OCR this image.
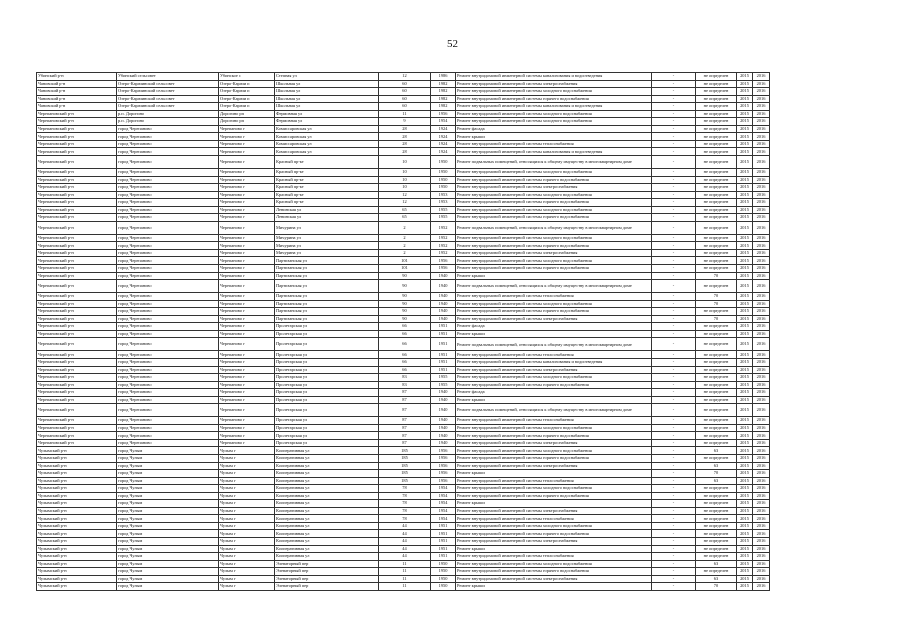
52
Убинский р-н	Убинский сельсовет	Убинское с	Степная ул	12	1986	Ремонт внутридомовой инженерной системы канализования и водоотведения	-	не определен	2015	2016
Чановский р-н	Озеро-Карачинский сельсовет	Озеро-Карачи п	Школьная ул	60	1982	Ремонт внутридомовой инженерной системы электроснабжения	-	не определен	2015	2016
Чановский р-н	Озеро-Карачинский сельсовет	Озеро-Карачи п	Школьная ул	60	1982	Ремонт внутридомовой инженерной системы холодного водоснабжения	-	не определен	2015	2016
Чановский р-н	Озеро-Карачинский сельсовет	Озеро-Карачи п	Школьная ул	60	1982	Ремонт внутридомовой инженерной системы горячего водоснабжения	-	не определен	2015	2016
Чановский р-н	Озеро-Карачинский сельсовет	Озеро-Карачи п	Школьная ул	60	1982	Ремонт внутридомовой инженерной системы канализования и водоотведения	-	не определен	2015	2016
Черепановский р-н	р.п. Дорогино	Дорогино рп	Фермовная ул	11	1956	Ремонт внутридомовой инженерной системы холодного водоснабжения	-	не определен	2015	2016
Черепановский р-н	р.п. Дорогино	Дорогино рп	Фермовная ул	9	1954	Ремонт внутридомовой инженерной системы холодного водоснабжения	-	не определен	2015	2016
Черепановский р-н	город Черепаново	Черепаново г	Комиссаровская ул	28	1924	Ремонт фасада	-	не определен	2015	2016
Черепановский р-н	город Черепаново	Черепаново г	Комиссаровская ул	28	1924	Ремонт крыши	-	не определен	2015	2016
Черепановский р-н	город Черепаново	Черепаново г	Комиссаровская ул	28	1924	Ремонт внутридомовой инженерной системы теплоснабжения	-	не определен	2015	2016
Черепановский р-н	город Черепаново	Черепаново г	Комиссаровская ул	28	1924	Ремонт внутридомовой инженерной системы канализования и водоотведения	-	не определен	2015	2016
Черепановский р-н	город Черепаново	Черепаново г	Красный пр-кт	10	1950	Ремонт подвальных помещений, относящихся к общему имуществу в многоквартирном доме	-	не определен	2015	2016
Черепановский р-н	город Черепаново	Черепаново г	Красный пр-кт	10	1950	Ремонт внутридомовой инженерной системы холодного водоснабжения	-	не определен	2015	2016
Черепановский р-н	город Черепаново	Черепаново г	Красный пр-кт	10	1950	Ремонт внутридомовой инженерной системы горячего водоснабжения	-	не определен	2015	2016
Черепановский р-н	город Черепаново	Черепаново г	Красный пр-кт	10	1950	Ремонт внутридомовой инженерной системы электроснабжения	-	не определен	2015	2016
Черепановский р-н	город Черепаново	Черепаново г	Красный пр-кт	12	1953	Ремонт внутридомовой инженерной системы холодного водоснабжения	-	не определен	2015	2016
Черепановский р-н	город Черепаново	Черепаново г	Красный пр-кт	12	1953	Ремонт внутридомовой инженерной системы горячего водоснабжения	-	не определен	2015	2016
Черепановский р-н	город Черепаново	Черепаново г	Ленинская ул	65	1955	Ремонт внутридомовой инженерной системы холодного водоснабжения	-	не определен	2015	2016
Черепановский р-н	город Черепаново	Черепаново г	Ленинская ул	65	1955	Ремонт внутридомовой инженерной системы горячего водоснабжения	-	не определен	2015	2016
Черепановский р-н	город Черепаново	Черепаново г	Мичурина ул	2	1952	Ремонт подвальных помещений, относящихся к общему имуществу в многоквартирном доме	-	не определен	2015	2016
Черепановский р-н	город Черепаново	Черепаново г	Мичурина ул	2	1952	Ремонт внутридомовой инженерной системы холодного водоснабжения	-	не определен	2015	2016
Черепановский р-н	город Черепаново	Черепаново г	Мичурина ул	2	1952	Ремонт внутридомовой инженерной системы горячего водоснабжения	-	не определен	2015	2016
Черепановский р-н	город Черепаново	Черепаново г	Мичурина ул	2	1952	Ремонт внутридомовой инженерной системы электроснабжения	-	не определен	2015	2016
Черепановский р-н	город Черепаново	Черепаново г	Партизанская ул	101	1956	Ремонт внутридомовой инженерной системы холодного водоснабжения	-	не определен	2015	2016
Черепановский р-н	город Черепаново	Черепаново г	Партизанская ул	101	1956	Ремонт внутридомовой инженерной системы горячего водоснабжения	-	не определен	2015	2016
Черепановский р-н	город Черепаново	Черепаново г	Партизанская ул	90	1940	Ремонт крыши	-	70	2015	2016
Черепановский р-н	город Черепаново	Черепаново г	Партизанская ул	90	1940	Ремонт подвальных помещений, относящихся к общему имуществу в многоквартирном доме	-	не определен	2015	2016
Черепановский р-н	город Черепаново	Черепаново г	Партизанская ул	90	1940	Ремонт внутридомовой инженерной системы теплоснабжения	-	70	2015	2016
Черепановский р-н	город Черепаново	Черепаново г	Партизанская ул	90	1940	Ремонт внутридомовой инженерной системы холодного водоснабжения	-	70	2015	2016
Черепановский р-н	город Черепаново	Черепаново г	Партизанская ул	90	1940	Ремонт внутридомовой инженерной системы горячего водоснабжения	-	не определен	2015	2016
Черепановский р-н	город Черепаново	Черепаново г	Партизанская ул	90	1940	Ремонт внутридомовой инженерной системы электроснабжения	-	70	2015	2016
Черепановский р-н	город Черепаново	Черепаново г	Пролетарская ул	66	1951	Ремонт фасада	-	не определен	2015	2016
Черепановский р-н	город Черепаново	Черепаново г	Пролетарская ул	66	1951	Ремонт крыши	-	не определен	2015	2016
Черепановский р-н	город Черепаново	Черепаново г	Пролетарская ул	66	1951	Ремонт подвальных помещений, относящихся к общему имуществу в многоквартирном доме	-	не определен	2015	2016
Черепановский р-н	город Черепаново	Черепаново г	Пролетарская ул	66	1951	Ремонт внутридомовой инженерной системы теплоснабжения	-	не определен	2015	2016
Черепановский р-н	город Черепаново	Черепаново г	Пролетарская ул	66	1951	Ремонт внутридомовой инженерной системы канализования и водоотведения	-	не определен	2015	2016
Черепановский р-н	город Черепаново	Черепаново г	Пролетарская ул	66	1951	Ремонт внутридомовой инженерной системы электроснабжения	-	не определен	2015	2016
Черепановский р-н	город Черепаново	Черепаново г	Пролетарская ул	83	1955	Ремонт внутридомовой инженерной системы холодного водоснабжения	-	не определен	2015	2016
Черепановский р-н	город Черепаново	Черепаново г	Пролетарская ул	83	1955	Ремонт внутридомовой инженерной системы горячего водоснабжения	-	не определен	2015	2016
Черепановский р-н	город Черепаново	Черепаново г	Пролетарская ул	87	1940	Ремонт фасада	-	не определен	2015	2016
Черепановский р-н	город Черепаново	Черепаново г	Пролетарская ул	87	1940	Ремонт крыши	-	не определен	2015	2016
Черепановский р-н	город Черепаново	Черепаново г	Пролетарская ул	87	1940	Ремонт подвальных помещений, относящихся к общему имуществу в многоквартирном доме	-	не определен	2015	2016
Черепановский р-н	город Черепаново	Черепаново г	Пролетарская ул	87	1940	Ремонт внутридомовой инженерной системы теплоснабжения	-	не определен	2015	2016
Черепановский р-н	город Черепаново	Черепаново г	Пролетарская ул	87	1940	Ремонт внутридомовой инженерной системы холодного водоснабжения	-	не определен	2015	2016
Черепановский р-н	город Черепаново	Черепаново г	Пролетарская ул	87	1940	Ремонт внутридомовой инженерной системы горячего водоснабжения	-	не определен	2015	2016
Черепановский р-н	город Черепаново	Черепаново г	Пролетарская ул	87	1940	Ремонт внутридомовой инженерной системы электроснабжения	-	не определен	2015	2016
Чулымский р-н	город Чулым	Чулым г	Кооперативная ул	185	1956	Ремонт внутридомовой инженерной системы холодного водоснабжения	-	63	2015	2016
Чулымский р-н	город Чулым	Чулым г	Кооперативная ул	185	1956	Ремонт внутридомовой инженерной системы горячего водоснабжения	-	не определен	2015	2016
Чулымский р-н	город Чулым	Чулым г	Кооперативная ул	185	1956	Ремонт внутридомовой инженерной системы электроснабжения	-	63	2015	2016
Чулымский р-н	город Чулым	Чулым г	Кооперативная ул	185	1956	Ремонт крыши	-	70	2015	2016
Чулымский р-н	город Чулым	Чулым г	Кооперативная ул	185	1956	Ремонт внутридомовой инженерной системы теплоснабжения	-	63	2015	2016
Чулымский р-н	город Чулым	Чулым г	Кооперативная ул	78	1954	Ремонт внутридомовой инженерной системы холодного водоснабжения	-	не определен	2015	2016
Чулымский р-н	город Чулым	Чулым г	Кооперативная ул	78	1954	Ремонт внутридомовой инженерной системы горячего водоснабжения	-	не определен	2015	2016
Чулымский р-н	город Чулым	Чулым г	Кооперативная ул	78	1954	Ремонт крыши	-	не определен	2015	2016
Чулымский р-н	город Чулым	Чулым г	Кооперативная ул	78	1954	Ремонт внутридомовой инженерной системы электроснабжения	-	не определен	2015	2016
Чулымский р-н	город Чулым	Чулым г	Кооперативная ул	78	1954	Ремонт внутридомовой инженерной системы теплоснабжения	-	не определен	2015	2016
Чулымский р-н	город Чулым	Чулым г	Кооперативная ул	44	1951	Ремонт внутридомовой инженерной системы холодного водоснабжения	-	не определен	2015	2016
Чулымский р-н	город Чулым	Чулым г	Кооперативная ул	44	1951	Ремонт внутридомовой инженерной системы горячего водоснабжения	-	не определен	2015	2016
Чулымский р-н	город Чулым	Чулым г	Кооперативная ул	44	1951	Ремонт внутридомовой инженерной системы электроснабжения	-	не определен	2015	2016
Чулымский р-н	город Чулым	Чулым г	Кооперативная ул	44	1951	Ремонт крыши	-	не определен	2015	2016
Чулымский р-н	город Чулым	Чулым г	Кооперативная ул	44	1951	Ремонт внутридомовой инженерной системы теплоснабжения	-	не определен	2015	2016
Чулымский р-н	город Чулым	Чулым г	Элеваторный пер	11	1950	Ремонт внутридомовой инженерной системы холодного водоснабжения	-	63	2015	2016
Чулымский р-н	город Чулым	Чулым г	Элеваторный пер	11	1950	Ремонт внутридомовой инженерной системы горячего водоснабжения	-	не определен	2015	2016
Чулымский р-н	город Чулым	Чулым г	Элеваторный пер	11	1950	Ремонт внутридомовой инженерной системы электроснабжения	-	63	2015	2016
Чулымский р-н	город Чулым	Чулым г	Элеваторный пер	11	1950	Ремонт крыши	-	70	2015	2016
